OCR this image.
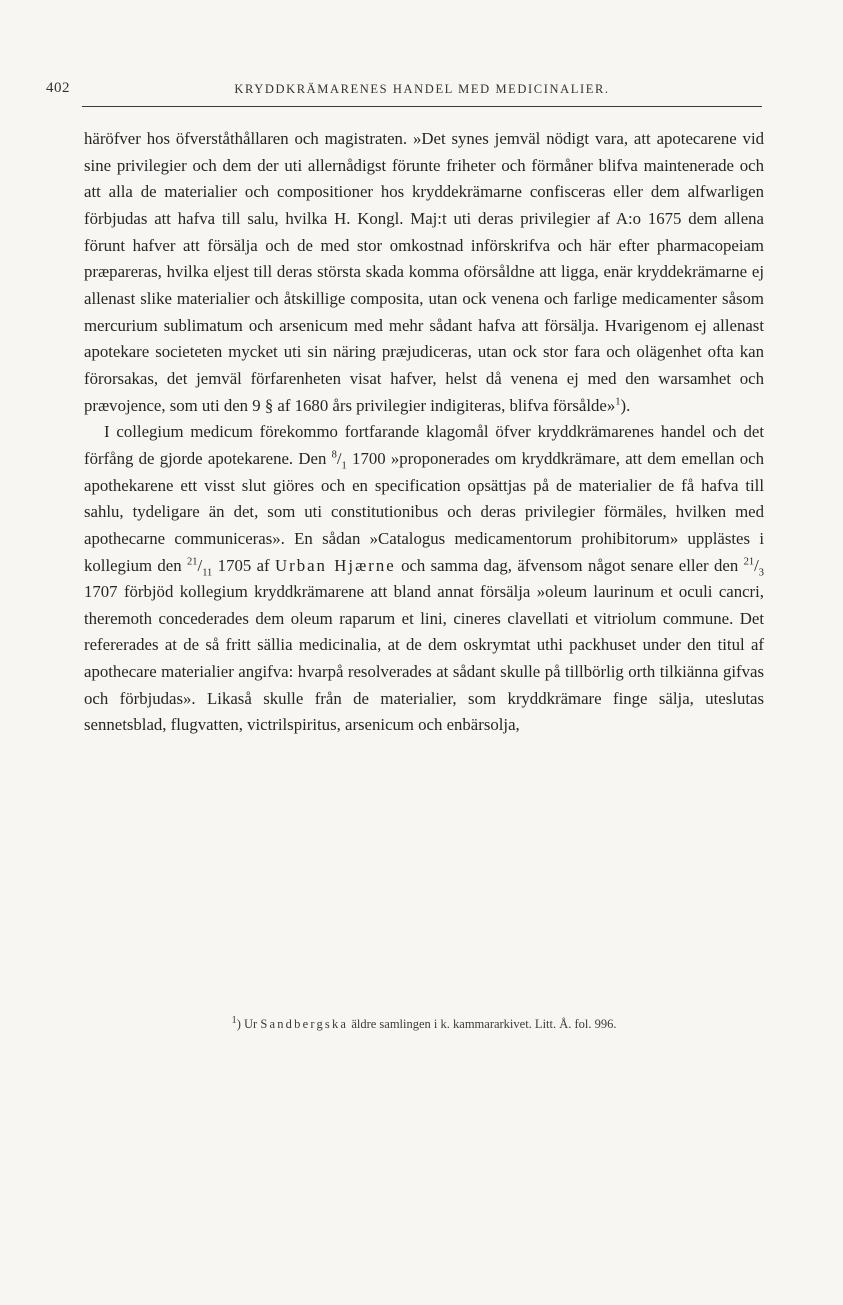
402	KRYDDKRÄMARENES HANDEL MED MEDICINALIER.

häröfver hos öfverståthållaren och magistraten. »Det synes jemväl nödigt vara, att apotecarene vid sine privilegier och dem der uti allernådigst förunte friheter och förmåner blifva maintenerade och att alla de materialier och compositioner hos kryddekrämarne confisceras eller dem alfwarligen förbjudas att hafva till salu, hvilka H. Kongl. Maj:t uti deras privilegier af A:o 1675 dem allena förunt hafver att försälja och de med stor omkostnad införskrifva och här efter pharmacopeiam præpareras, hvilka eljest till deras största skada komma oförsåldne att ligga, enär kryddekrämarne ej allenast slike materialier och åtskillige composita, utan ock venena och farlige medicamenter såsom mercurium sublimatum och arsenicum med mehr sådant hafva att försälja. Hvarigenom ej allenast apotekare societeten mycket uti sin näring præjudiceras, utan ock stor fara och olägenhet ofta kan förorsakas, det jemväl förfarenheten visat hafver, helst då venena ej med den warsamhet och prævojence, som uti den 9 § af 1680 års privilegier indigiteras, blifva försålde»$^1$).

I collegium medicum förekommo fortfarande klagomål öfver kryddkrämarenes handel och det förfång de gjorde apotekarene. Den $^8/_1$ 1700 »proponerades om kryddkrämare, att dem emellan och apothekarene ett visst slut giöres och en specification opsättjas på de materialier de få hafva till sahlu, tydeligare än det, som uti constitutionibus och deras privilegier förmäles, hvilken med apothecarne communiceras». En sådan »Catalogus medicamentorum prohibitorum» upplästes i kollegium den $^{21}/_{11}$ 1705 af Urban Hjærne och samma dag, äfvensom något senare eller den $^{21}/_3$ 1707 förbjöd kollegium kryddkrämarene att bland annat försälja »oleum laurinum et oculi cancri, theremoth concederades dem oleum raparum et lini, cineres clavellati et vitriolum commune. Det refererades at de så fritt sällia medicinalia, at de dem oskrymtat uthi packhuset under den titul af apothecare materialier angifva: hvarpå resolverades at sådant skulle på tillbörlig orth tilkiänna gifvas och förbjudas». Likaså skulle från de materialier, som kryddkrämare finge sälja, uteslutas sennetsblad, flugvatten, victrilspiritus, arsenicum och enbärsolja,

$^1$) Ur Sandbergska äldre samlingen i k. kammararkivet. Litt. Å. fol. 996.
